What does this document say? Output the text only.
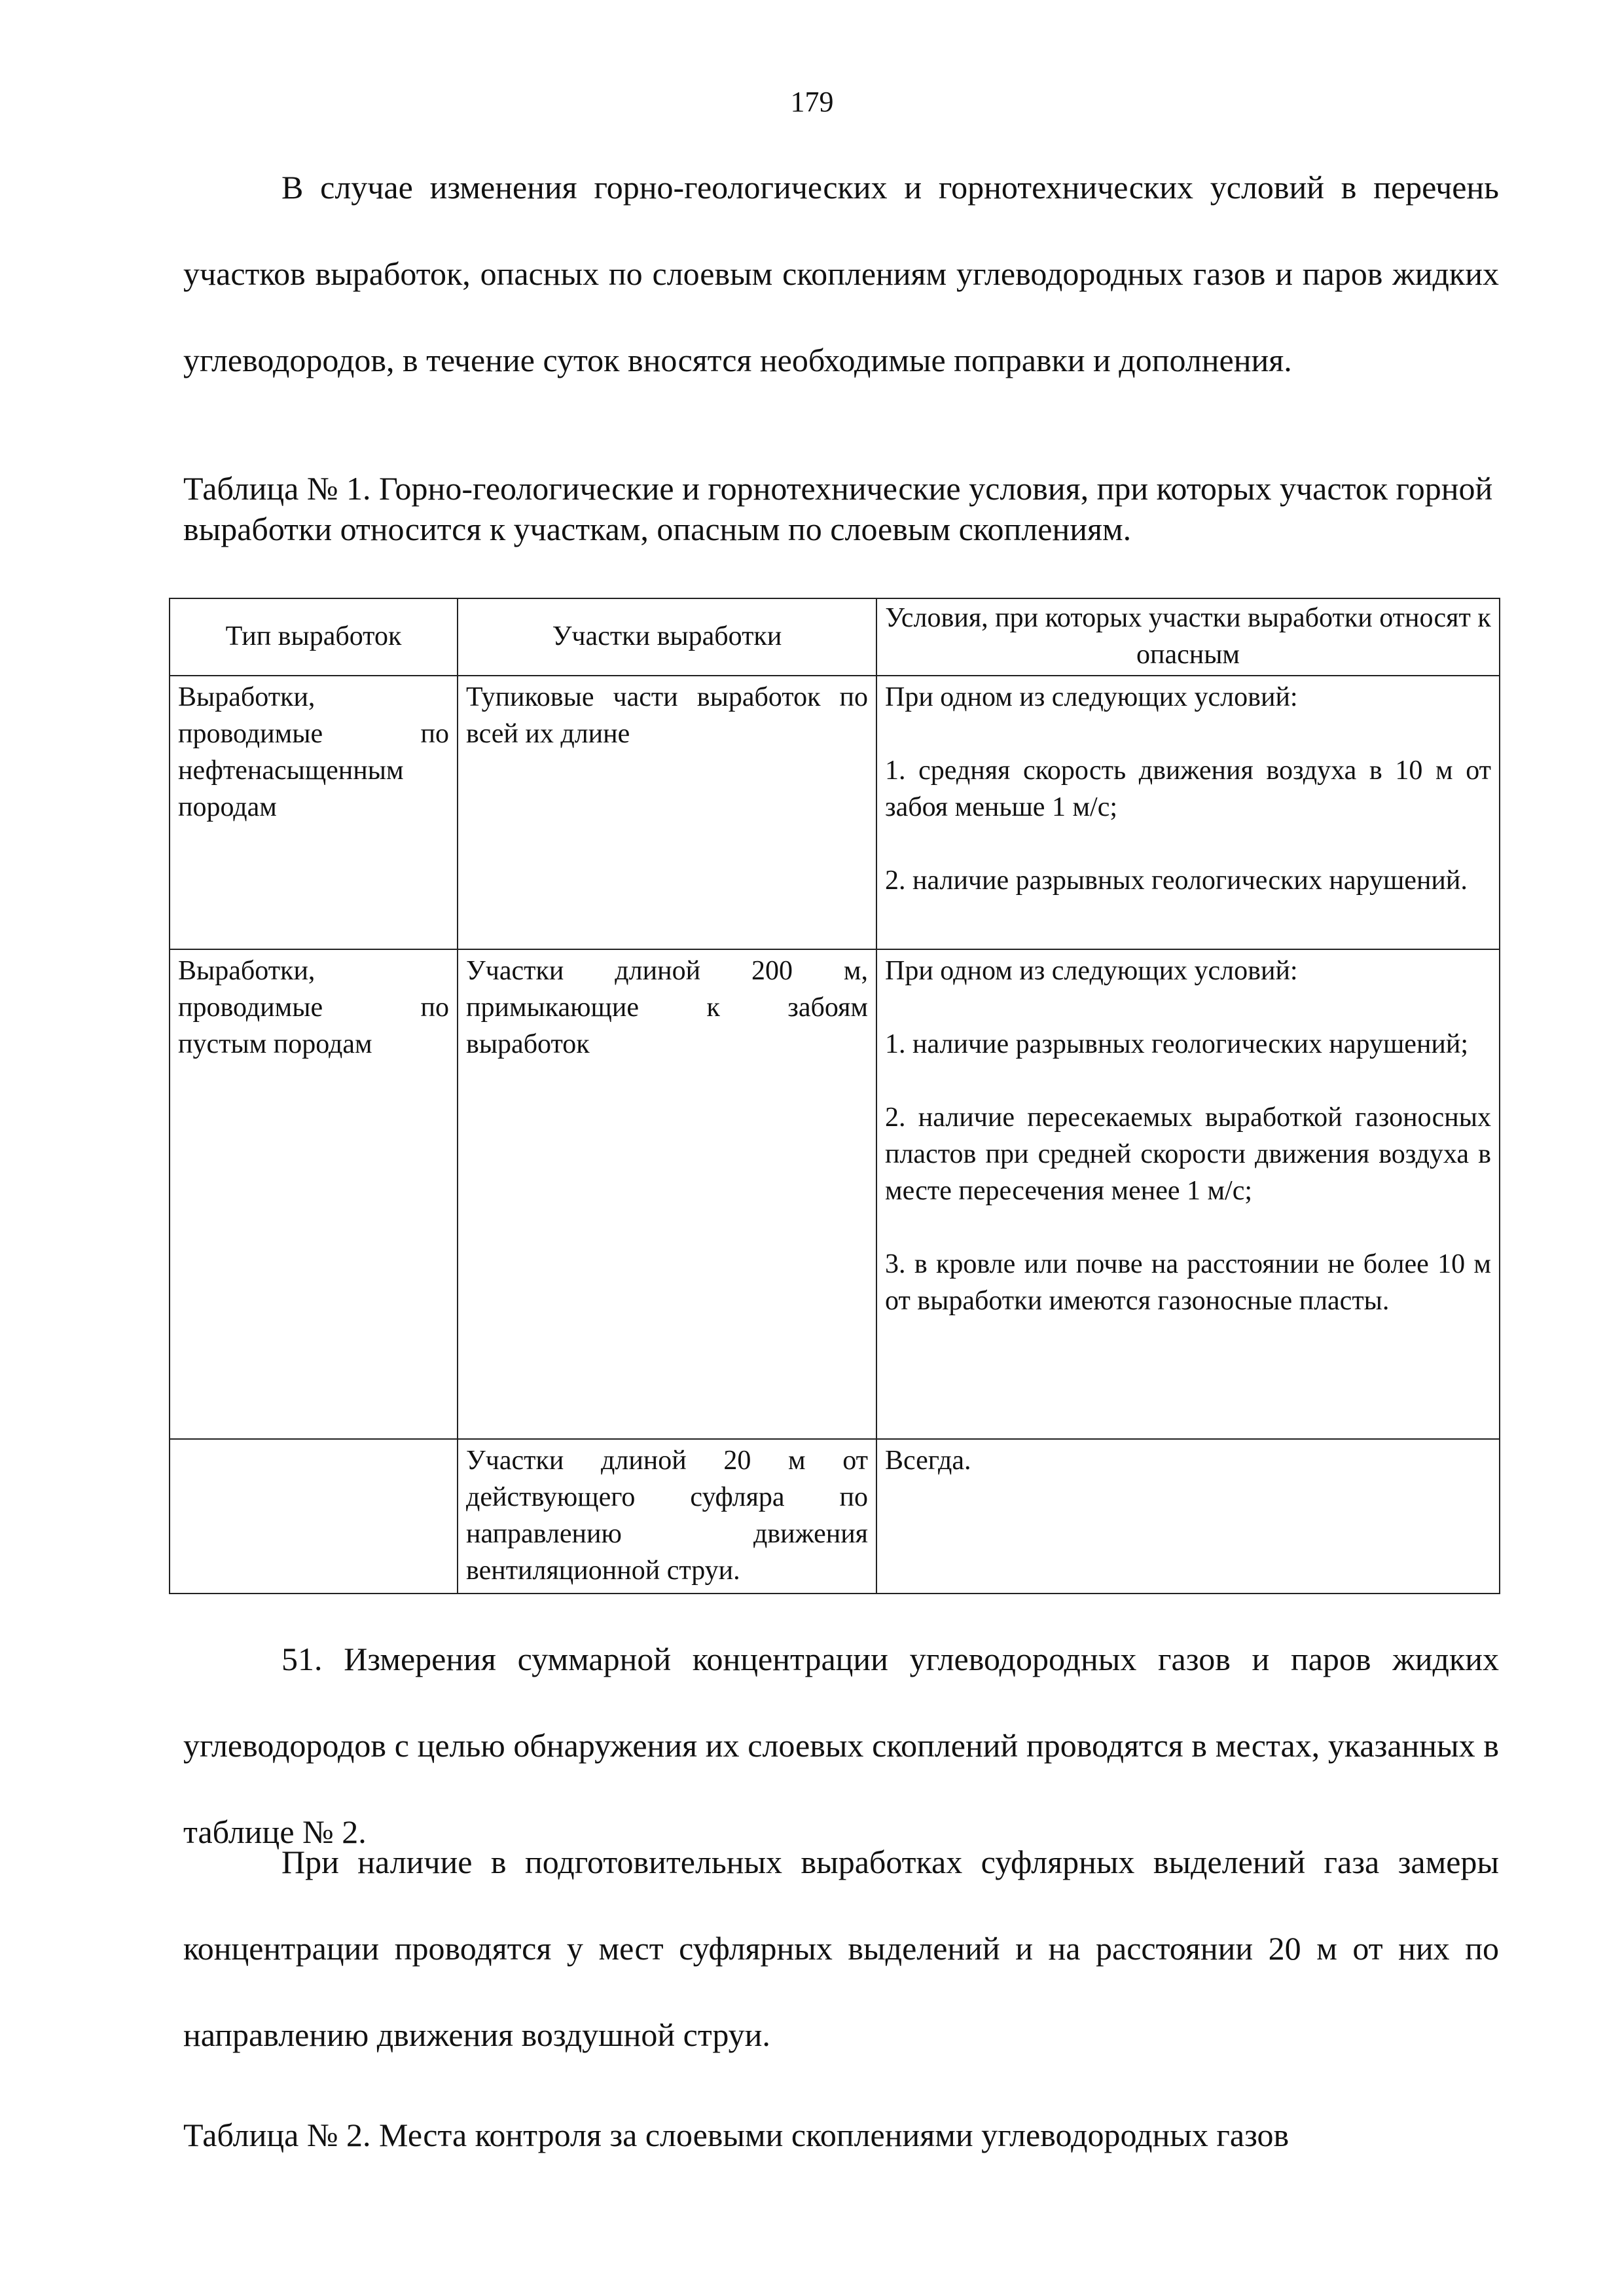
179

В случае изменения горно-геологических и горнотехнических условий в перечень участков выработок, опасных по слоевым скоплениям углеводородных газов и паров жидких углеводородов, в течение суток вносятся необходимые поправки и дополнения.

Таблица № 1. Горно-геологические и горнотехнические условия, при которых участок горной выработки относится к участкам, опасным по слоевым скоплениям.

Тип выработок	Участки выработки	Условия, при которых участки выработки относят к опасным
Выработки, проводимые по нефтенасыщенным породам	Тупиковые части выработок по всей их длине	При одном из следующих условий:
1. средняя скорость движения воздуха в 10 м от забоя меньше 1 м/с;
2. наличие разрывных геологических нарушений.

Выработки, проводимые по пустым породам	Участки длиной 200 м, примыкающие к забоям выработок	При одном из следующих условий:
1. наличие разрывных геологических нарушений;
2. наличие пересекаемых выработкой газоносных пластов при средней скорости движения воздуха в месте пересечения менее 1 м/с;
3. в кровле или почве на расстоянии не более 10 м от выработки имеются газоносные пласты.

	Участки длиной 20 м от действующего суфляра по направлению движения вентиляционной струи.	Всегда.

51. Измерения суммарной концентрации углеводородных газов и паров жидких углеводородов с целью обнаружения их слоевых скоплений проводятся в местах, указанных в таблице № 2.

При наличие в подготовительных выработках суфлярных выделений газа замеры концентрации проводятся у мест суфлярных выделений и на расстоянии 20 м от них по направлению движения воздушной струи.

Таблица № 2. Места контроля за слоевыми скоплениями углеводородных газов
